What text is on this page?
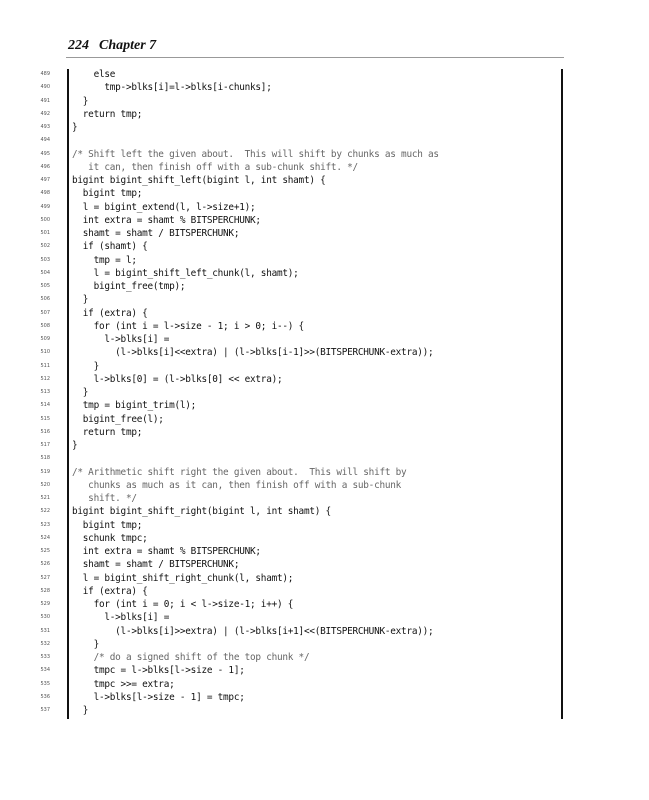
224 Chapter 7
489 else
490 tmp->blks[i]=l->blks[i-chunks];
491 }
492 return tmp;
493 }
494
495 /* Shift left the given about.  This will shift by chunks as much as
496 it can, then finish off with a sub-chunk shift. */
497 bigint bigint_shift_left(bigint l, int shamt) {
498 bigint tmp;
499 l = bigint_extend(l, l->size+1);
500 int extra = shamt % BITSPERCHUNK;
501 shamt = shamt / BITSPERCHUNK;
502 if (shamt) {
503 tmp = l;
504 l = bigint_shift_left_chunk(l, shamt);
505 bigint_free(tmp);
506 }
507 if (extra) {
508 for (int i = l->size - 1; i > 0; i--) {
509 l->blks[i] =
510 (l->blks[i]<<extra) | (l->blks[i-1]>>(BITSPERCHUNK-extra));
511 }
512 l->blks[0] = (l->blks[0] << extra);
513 }
514 tmp = bigint_trim(l);
515 bigint_free(l);
516 return tmp;
517 }
518
519 /* Arithmetic shift right the given about.  This will shift by
520 chunks as much as it can, then finish off with a sub-chunk
521 shift. */
522 bigint bigint_shift_right(bigint l, int shamt) {
523 bigint tmp;
524 schunk tmpc;
525 int extra = shamt % BITSPERCHUNK;
526 shamt = shamt / BITSPERCHUNK;
527 l = bigint_shift_right_chunk(l, shamt);
528 if (extra) {
529 for (int i = 0; i < l->size-1; i++) {
530 l->blks[i] =
531 (l->blks[i]>>extra) | (l->blks[i+1]<<(BITSPERCHUNK-extra));
532 }
533 /* do a signed shift of the top chunk */
534 tmpc = l->blks[l->size - 1];
535 tmpc >>= extra;
536 l->blks[l->size - 1] = tmpc;
537 }
